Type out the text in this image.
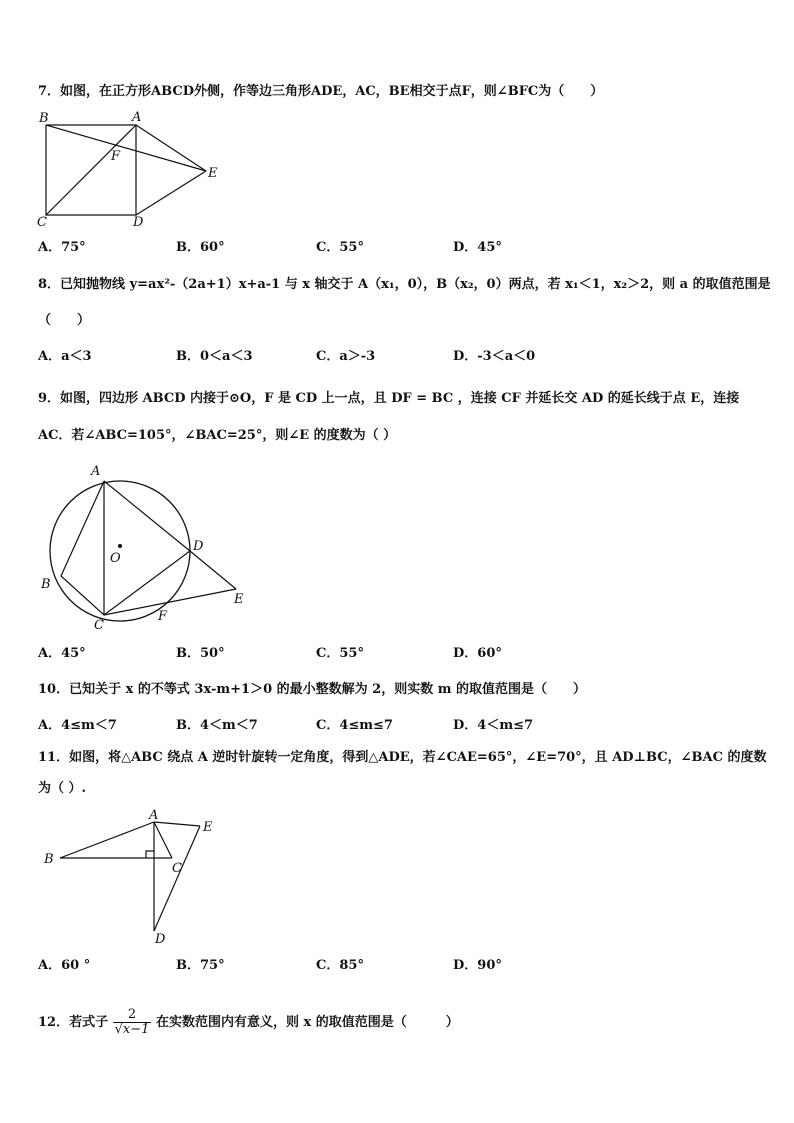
7．如图，在正方形ABCD外侧，作等边三角形ADE，AC，BE相交于点F，则∠BFC为（　　）
B	A
F
E
C	D
A．75°	B．60°	C．55°	D．45°
8．已知抛物线 y=ax²-（2a+1）x+a-1 与 x 轴交于 A（x₁，0），B（x₂，0）两点，若 x₁＜1，x₂＞2，则 a 的取值范围是
（　　）
A．a＜3	B．0＜a＜3	C．a＞-3	D．-3＜a＜0
9．如图，四边形 ABCD 内接于⊙O，F 是 CD 上一点，且 DF = BC ，连接 CF 并延长交 AD 的延长线于点 E，连接
AC．若∠ABC=105°，∠BAC=25°，则∠E 的度数为（ ）
A
B
C
D
E
F
O
A．45°	B．50°	C．55°	D．60°
10．已知关于 x 的不等式 3x-m+1＞0 的最小整数解为 2，则实数 m 的取值范围是（　　）
A．4≤m＜7	B．4＜m＜7	C．4≤m≤7	D．4＜m≤7
11．如图，将△ABC 绕点 A 逆时针旋转一定角度，得到△ADE，若∠CAE=65°，∠E=70°，且 AD⊥BC，∠BAC 的度数
为（ ）.
A
B
C
D
E
A．60 °	B．75°	C．85°	D．90°
12．若式子 $\frac{2}{√x-1}$ 在实数范围内有意义，则 x 的取值范围是（　　　）
